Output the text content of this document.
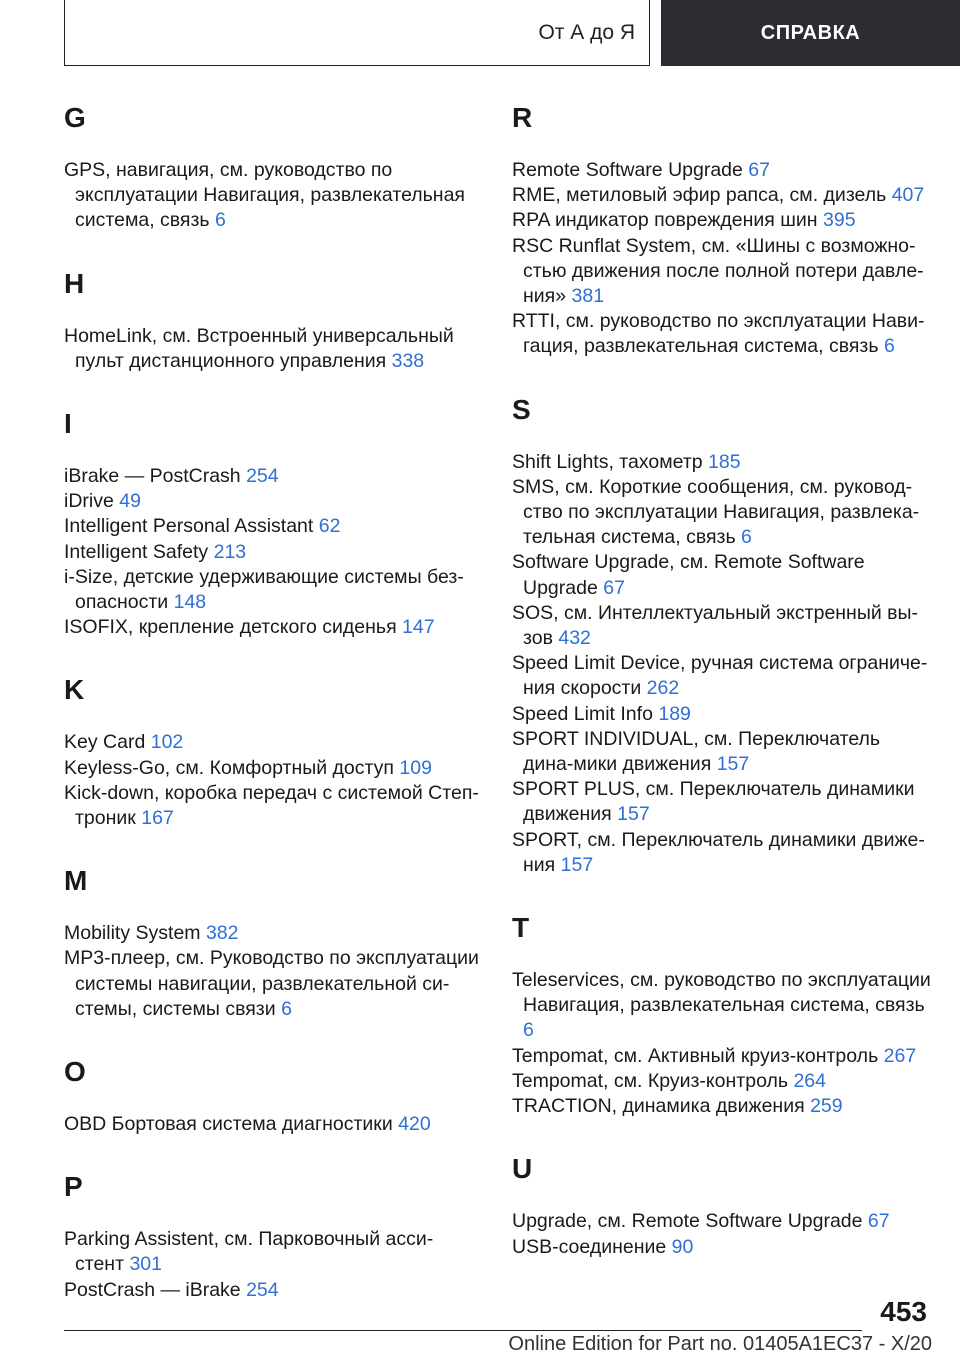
От А до Я	СПРАВКА
G
GPS, навигация, см. руководство по эксплуатации Навигация, развлекательная система, связь 6
H
HomeLink, см. Встроенный универсальный пульт дистанционного управления 338
I
iBrake — PostCrash 254
iDrive 49
Intelligent Personal Assistant 62
Intelligent Safety 213
i-Size, детские удерживающие системы без-опасности 148
ISOFIX, крепление детского сиденья 147
K
Key Card 102
Keyless-Go, см. Комфортный доступ 109
Kick-down, коробка передач с системой Степ-троник 167
M
Mobility System 382
MP3-плеер, см. Руководство по эксплуатации системы навигации, развлекательной си-стемы, системы связи 6
O
OBD Бортовая система диагностики 420
P
Parking Assistent, см. Парковочный асси-стент 301
PostCrash — iBrake 254
R
Remote Software Upgrade 67
RME, метиловый эфир рапса, см. дизель 407
RPA индикатор повреждения шин 395
RSC Runflat System, см. «Шины с возможно-стью движения после полной потери давле-ния» 381
RTTI, см. руководство по эксплуатации Нави-гация, развлекательная система, связь 6
S
Shift Lights, тахометр 185
SMS, см. Короткие сообщения, см. руковод-ство по эксплуатации Навигация, развлека-тельная система, связь 6
Software Upgrade, см. Remote Software Upgrade 67
SOS, см. Интеллектуальный экстренный вы-зов 432
Speed Limit Device, ручная система ограниче-ния скорости 262
Speed Limit Info 189
SPORT INDIVIDUAL, см. Переключатель дина-мики движения 157
SPORT PLUS, см. Переключатель динамики движения 157
SPORT, см. Переключатель динамики движе-ния 157
T
Teleservices, см. руководство по эксплуатации Навигация, развлекательная система, связь 6
Tempomat, см. Активный круиз-контроль 267
Tempomat, см. Круиз-контроль 264
TRACTION, динамика движения 259
U
Upgrade, см. Remote Software Upgrade 67
USB-соединение 90
453
Online Edition for Part no. 01405A1EC37 - X/20
